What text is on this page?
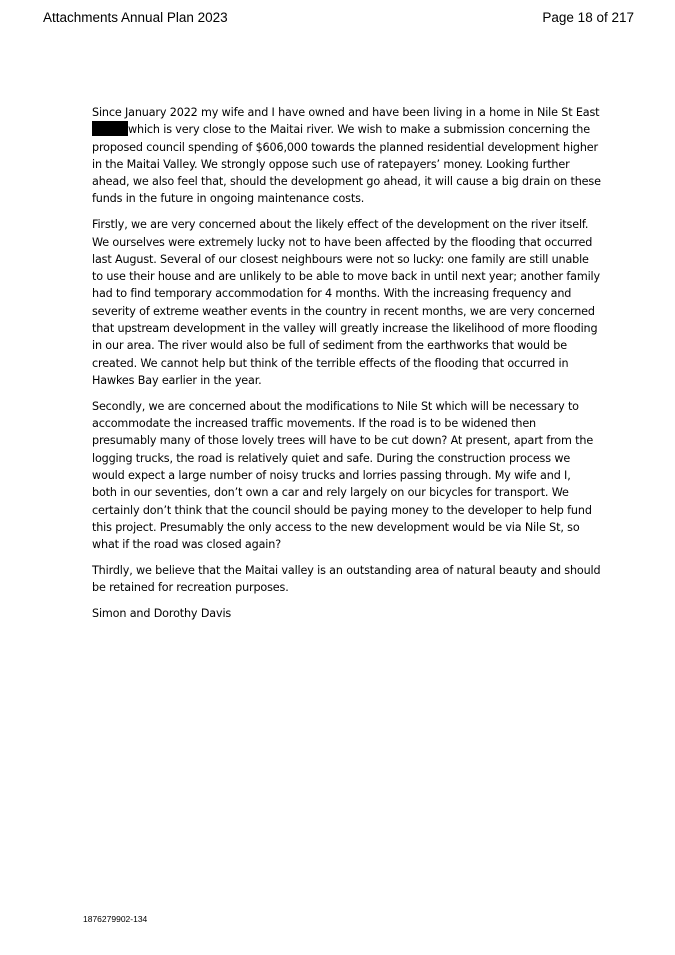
Attachments Annual Plan 2023	Page 18 of 217
Since January 2022 my wife and I have owned and have been living in a home in Nile St East
which is very close to the Maitai river. We wish to make a submission concerning the
proposed council spending of $606,000 towards the planned residential development higher
in the Maitai Valley. We strongly oppose such use of ratepayers’ money. Looking further
ahead, we also feel that, should the development go ahead, it will cause a big drain on these
funds in the future in ongoing maintenance costs.
Firstly, we are very concerned about the likely effect of the development on the river itself.
We ourselves were extremely lucky not to have been affected by the flooding that occurred
last August. Several of our closest neighbours were not so lucky: one family are still unable
to use their house and are unlikely to be able to move back in until next year; another family
had to find temporary accommodation for 4 months. With the increasing frequency and
severity of extreme weather events in the country in recent months, we are very concerned
that upstream development in the valley will greatly increase the likelihood of more flooding
in our area. The river would also be full of sediment from the earthworks that would be
created. We cannot help but think of the terrible effects of the flooding that occurred in
Hawkes Bay earlier in the year.
Secondly, we are concerned about the modifications to Nile St which will be necessary to
accommodate the increased traffic movements. If the road is to be widened then
presumably many of those lovely trees will have to be cut down? At present, apart from the
logging trucks, the road is relatively quiet and safe. During the construction process we
would expect a large number of noisy trucks and lorries passing through. My wife and I,
both in our seventies, don’t own a car and rely largely on our bicycles for transport. We
certainly don’t think that the council should be paying money to the developer to help fund
this project. Presumably the only access to the new development would be via Nile St, so
what if the road was closed again?
Thirdly, we believe that the Maitai valley is an outstanding area of natural beauty and should
be retained for recreation purposes.
Simon and Dorothy Davis
1876279902-134
